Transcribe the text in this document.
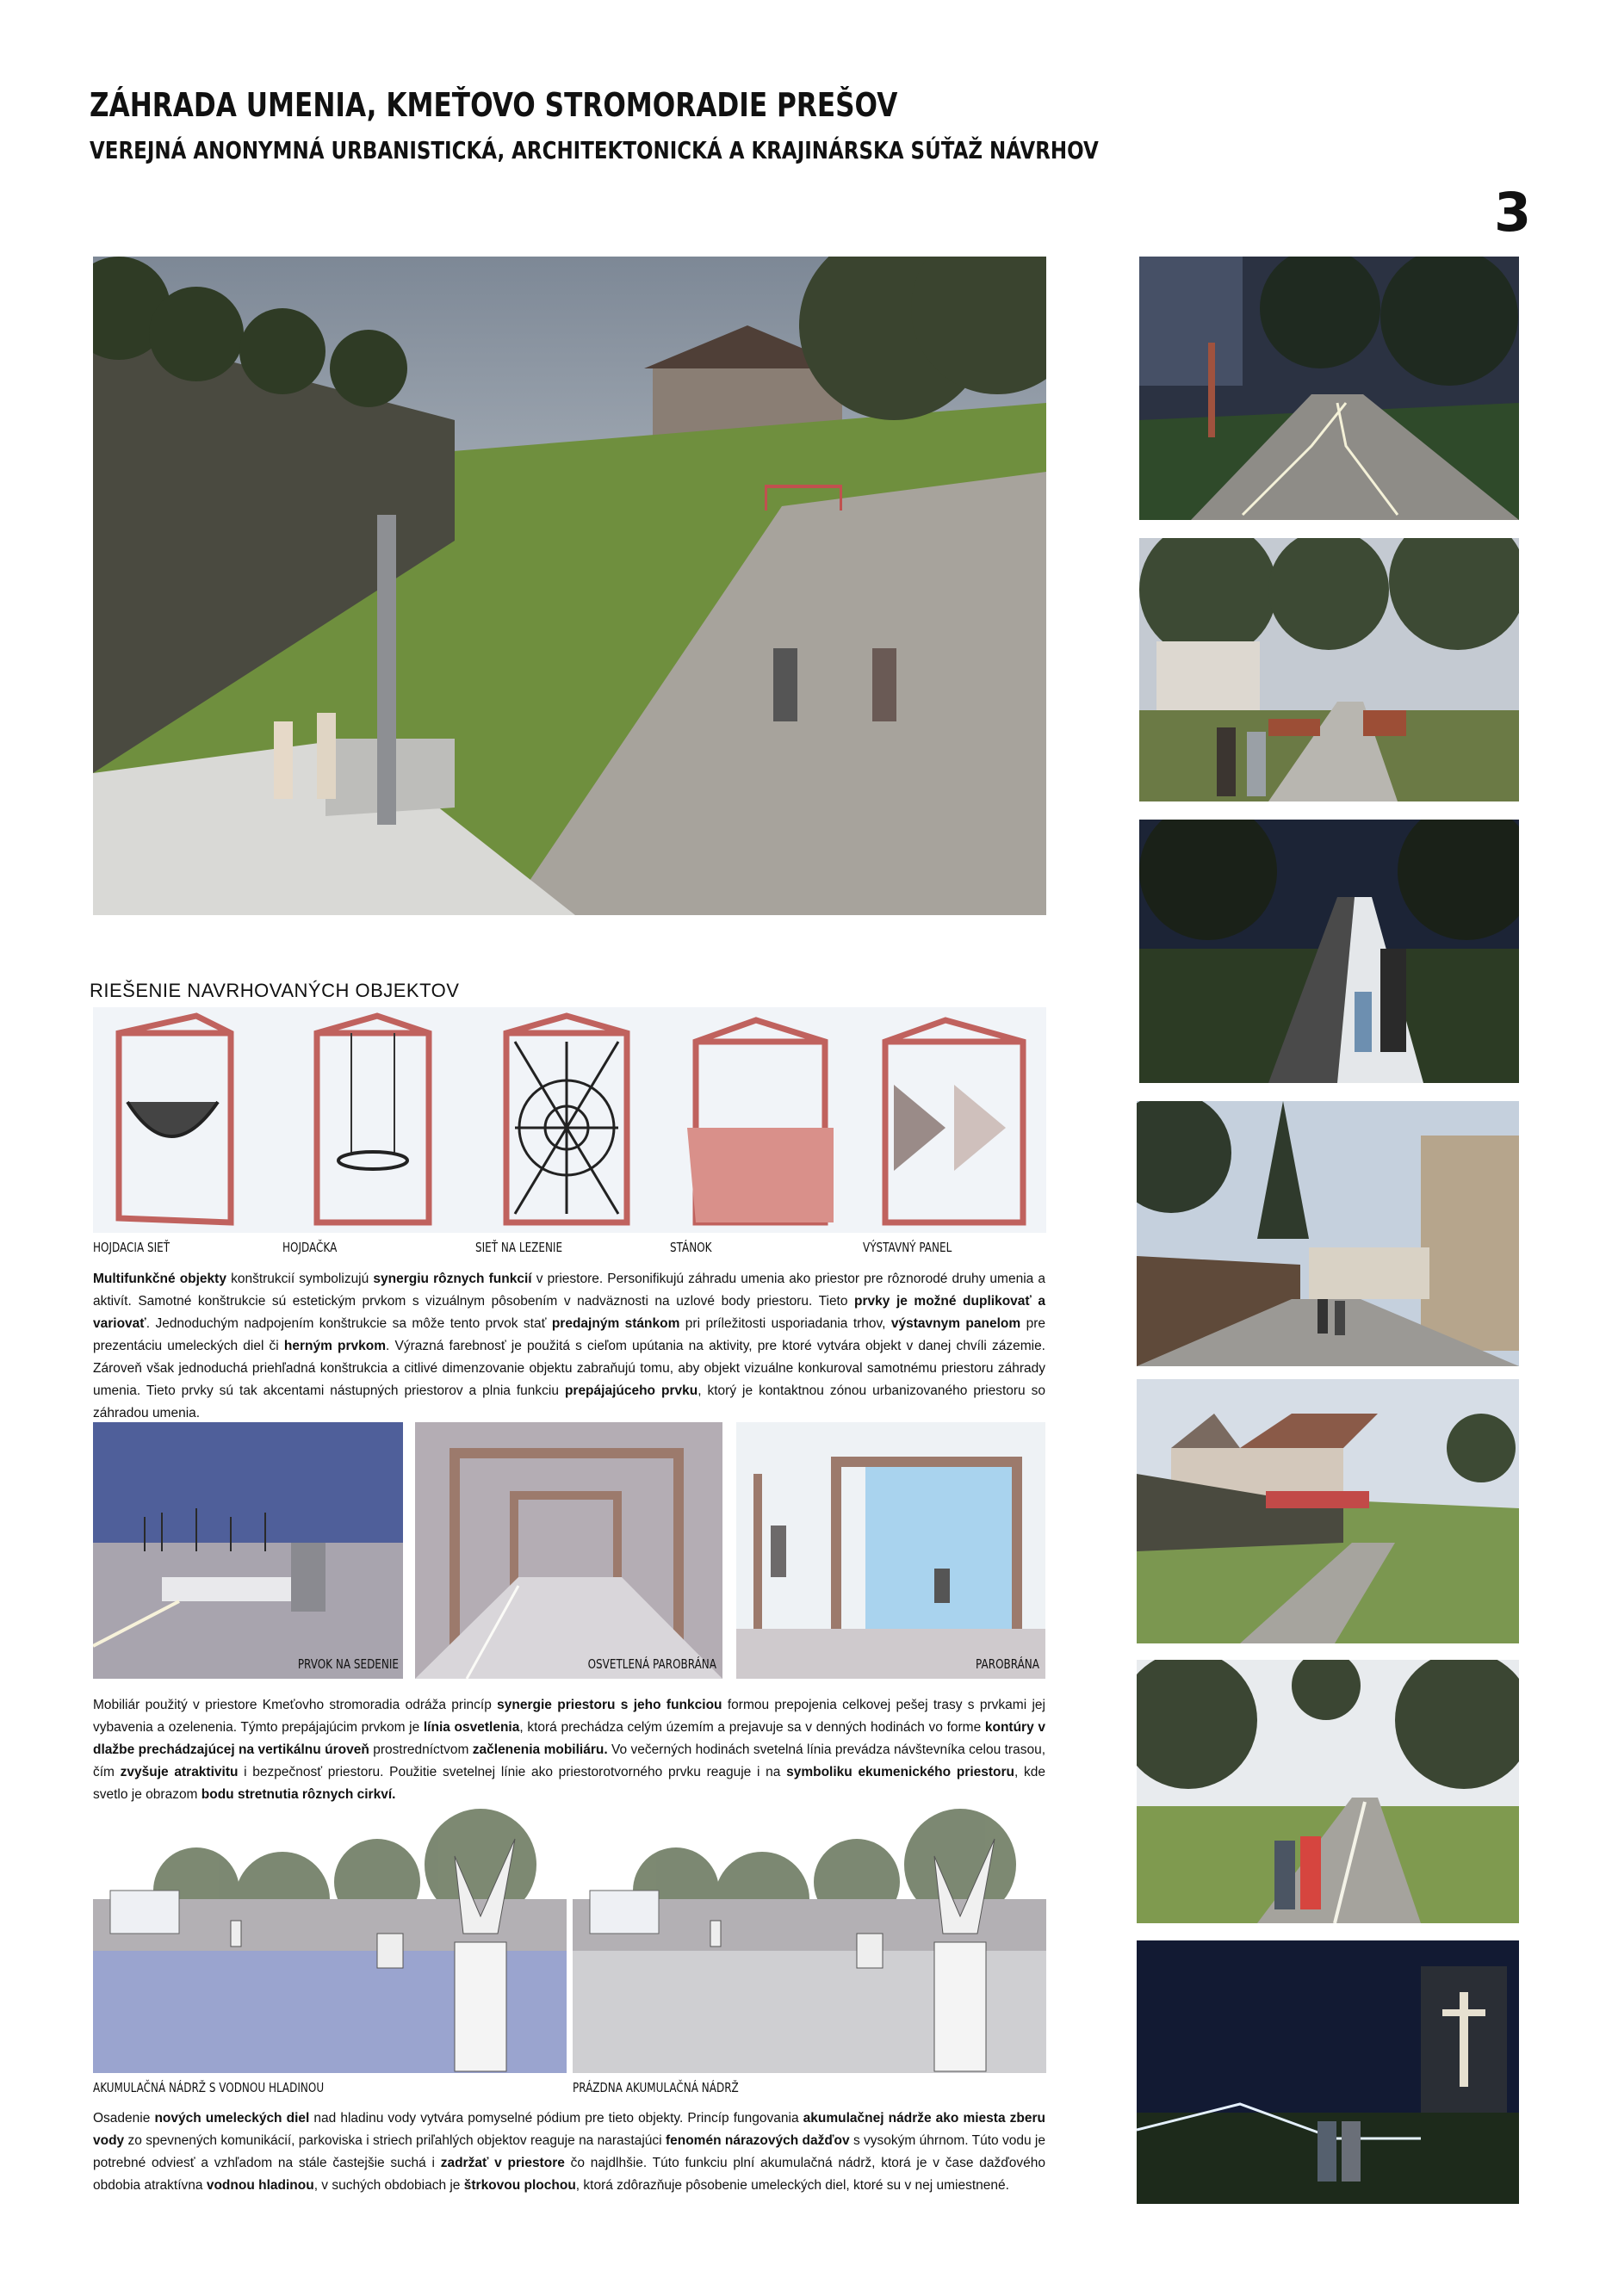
ZÁHRADA UMENIA, KMEŤOVO STROMORADIE PREŠOV
VEREJNÁ ANONYMNÁ URBANISTICKÁ, ARCHITEKTONICKÁ A KRAJINÁRSKA SÚŤAŽ NÁVRHOV
3
RIEŠENIE NAVRHOVANÝCH OBJEKTOV
HOJDACIA SIEŤ	HOJDAČKA	SIEŤ NA LEZENIE	STÁNOK	VÝSTAVNÝ PANEL
Multifunkčné objekty konštrukcií symbolizujú synergiu rôznych funkcií v priestore. Personifikujú záhradu umenia ako priestor pre rôznorodé druhy umenia a aktivít. Samotné konštrukcie sú estetickým prvkom s vizuálnym pôsobením v nadväznosti na uzlové body priestoru. Tieto prvky je možné duplikovať a variovať. Jednoduchým nadpojením konštrukcie sa môže tento prvok stať predajným stánkom pri príležitosti usporiadania trhov, výstavnym panelom pre prezentáciu umeleckých diel či herným prvkom. Výrazná farebnosť je použitá s cieľom upútania na aktivity, pre ktoré vytvára objekt v danej chvíli zázemie. Zároveň však jednoduchá priehľadná konštrukcia a citlivé dimenzovanie objektu zabraňujú tomu, aby objekt vizuálne konkuroval samotnému priestoru záhrady umenia. Tieto prvky sú tak akcentami nástupných priestorov a plnia funkciu prepájajúceho prvku, ktorý je kontaktnou zónou urbanizovaného priestoru so záhradou umenia.
PRVOK NA SEDENIE	OSVETLENÁ PAROBRÁNA	PAROBRÁNA
Mobiliár použitý v priestore Kmeťovho stromoradia odráža princíp synergie priestoru s jeho funkciou formou prepojenia celkovej pešej trasy s prvkami jej vybavenia a ozelenenia. Týmto prepájajúcim prvkom je línia osvetlenia, ktorá prechádza celým územím a prejavuje sa v denných hodinách vo forme kontúry v dlažbe prechádzajúcej na vertikálnu úroveň prostredníctvom začlenenia mobiliáru. Vo večerných hodinách svetelná línia prevádza návštevníka celou trasou, čím zvyšuje atraktivitu i bezpečnosť priestoru. Použitie svetelnej línie ako priestorotvorného prvku reaguje i na symboliku ekumenického priestoru, kde svetlo je obrazom bodu stretnutia rôznych cirkví.
AKUMULAČNÁ NÁDRŽ S VODNOU HLADINOU	PRÁZDNA AKUMULAČNÁ NÁDRŽ
Osadenie nových umeleckých diel nad hladinu vody vytvára pomyselné pódium pre tieto objekty. Princíp fungovania akumulačnej nádrže ako miesta zberu vody zo spevnených komunikácií, parkoviska i striech priľahlých objektov reaguje na narastajúci fenomén nárazových dažďov s vysokým úhrnom. Túto vodu je potrebné odviesť a vzhľadom na stále častejšie suchá i zadržať v priestore čo najdlhšie. Túto funkciu plní akumulačná nádrž, ktorá je v čase dažďového obdobia atraktívna vodnou hladinou, v suchých obdobiach je štrkovou plochou, ktorá zdôrazňuje pôsobenie umeleckých diel, ktoré su v nej umiestnené.
